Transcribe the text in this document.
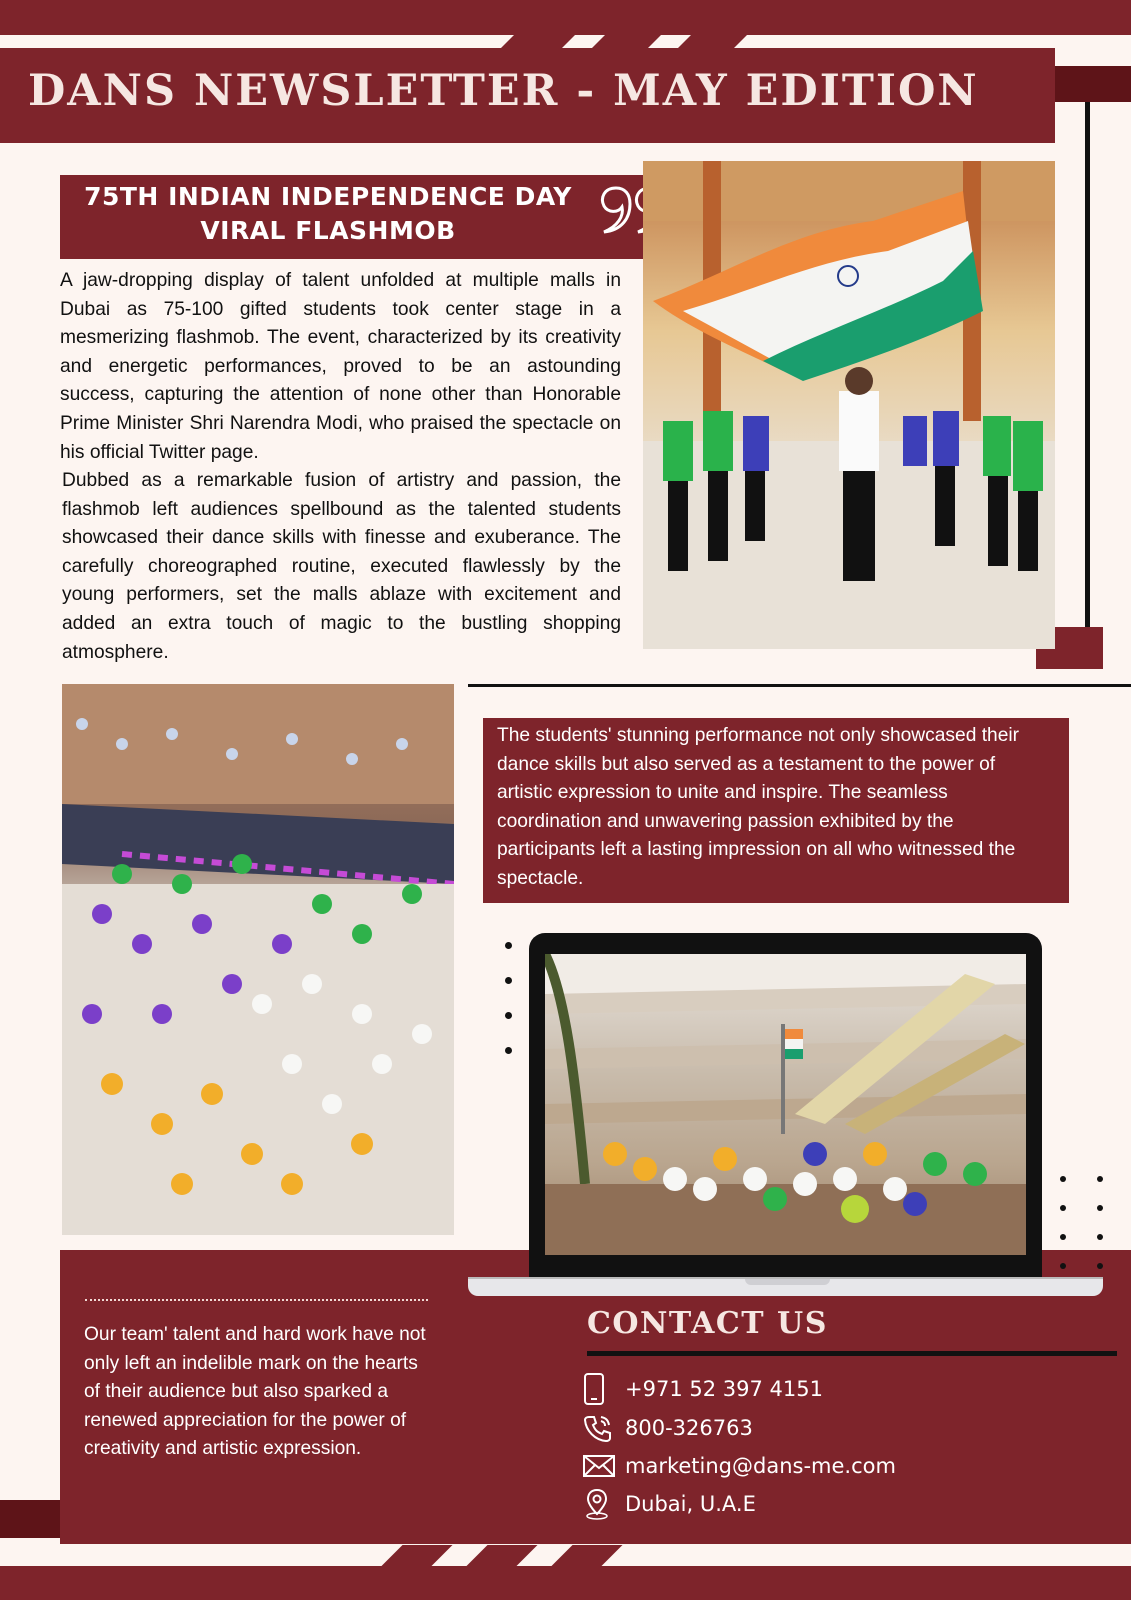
DANS NEWSLETTER - MAY EDITION
75TH INDIAN INDEPENDENCE DAY VIRAL FLASHMOB
A jaw-dropping display of talent unfolded at multiple malls in Dubai as 75-100 gifted students took center stage in a mesmerizing flashmob. The event, characterized by its creativity and energetic performances, proved to be an astounding success, capturing the attention of none other than Honorable Prime Minister Shri Narendra Modi, who praised the spectacle on his official Twitter page.
Dubbed as a remarkable fusion of artistry and passion, the flashmob left audiences spellbound as the talented students showcased their dance skills with finesse and exuberance. The carefully choreographed routine, executed flawlessly by the young performers, set the malls ablaze with excitement and added an extra touch of magic to the bustling shopping atmosphere.
The students' stunning performance not only showcased their dance skills but also served as a testament to the power of artistic expression to unite and inspire. The seamless coordination and unwavering passion exhibited by the participants left a lasting impression on all who witnessed the spectacle.
Our team' talent and hard work have not only left an indelible mark on the hearts of their audience but also sparked a renewed appreciation for the power of creativity and artistic expression.
CONTACT US
+971 52 397 4151
800-326763
marketing@dans-me.com
Dubai, U.A.E
